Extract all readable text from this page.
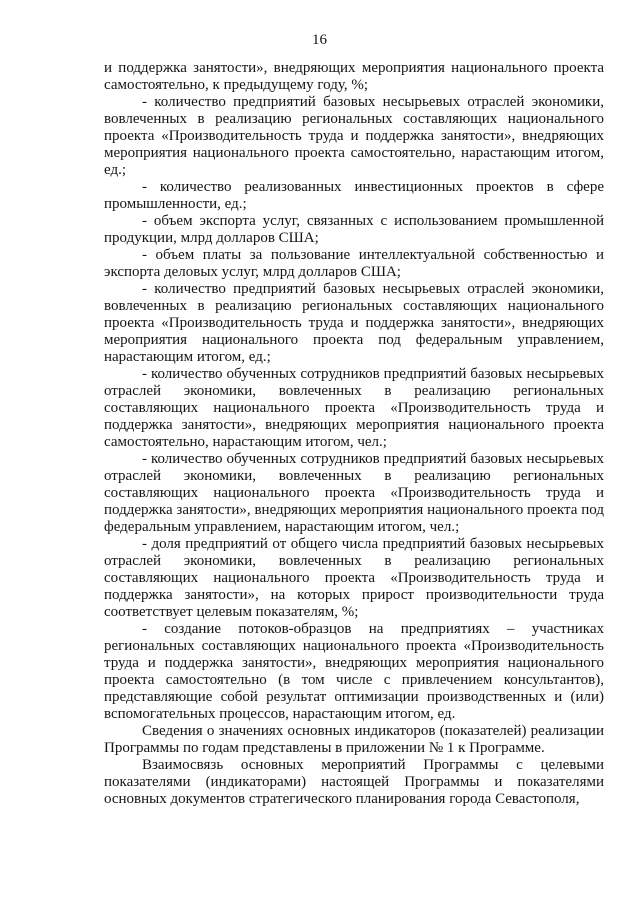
16

и поддержка занятости», внедряющих мероприятия национального проекта самостоятельно, к предыдущему году, %;

- количество предприятий базовых несырьевых отраслей экономики, вовлеченных в реализацию региональных составляющих национального проекта «Производительность труда и поддержка занятости», внедряющих мероприятия национального проекта самостоятельно, нарастающим итогом, ед.;

- количество реализованных инвестиционных проектов в сфере промышленности, ед.;

- объем экспорта услуг, связанных с использованием промышленной продукции, млрд долларов США;

- объем платы за пользование интеллектуальной собственностью и экспорта деловых услуг, млрд долларов США;

- количество предприятий базовых несырьевых отраслей экономики, вовлеченных в реализацию региональных составляющих национального проекта «Производительность труда и поддержка занятости», внедряющих мероприятия национального проекта под федеральным управлением, нарастающим итогом, ед.;

- количество обученных сотрудников предприятий базовых несырьевых отраслей экономики, вовлеченных в реализацию региональных составляющих национального проекта «Производительность труда и поддержка занятости», внедряющих мероприятия национального проекта самостоятельно, нарастающим итогом, чел.;

- количество обученных сотрудников предприятий базовых несырьевых отраслей экономики, вовлеченных в реализацию региональных составляющих национального проекта «Производительность труда и поддержка занятости», внедряющих мероприятия национального проекта под федеральным управлением, нарастающим итогом, чел.;

- доля предприятий от общего числа предприятий базовых несырьевых отраслей экономики, вовлеченных в реализацию региональных составляющих национального проекта «Производительность труда и поддержка занятости», на которых прирост производительности труда соответствует целевым показателям, %;

- создание потоков-образцов на предприятиях – участниках региональных составляющих национального проекта «Производительность труда и поддержка занятости», внедряющих мероприятия национального проекта самостоятельно (в том числе с привлечением консультантов), представляющие собой результат оптимизации производственных и (или) вспомогательных процессов, нарастающим итогом, ед.

Сведения о значениях основных индикаторов (показателей) реализации Программы по годам представлены в приложении № 1 к Программе.

Взаимосвязь основных мероприятий Программы с целевыми показателями (индикаторами) настоящей Программы и показателями основных документов стратегического планирования города Севастополя,
